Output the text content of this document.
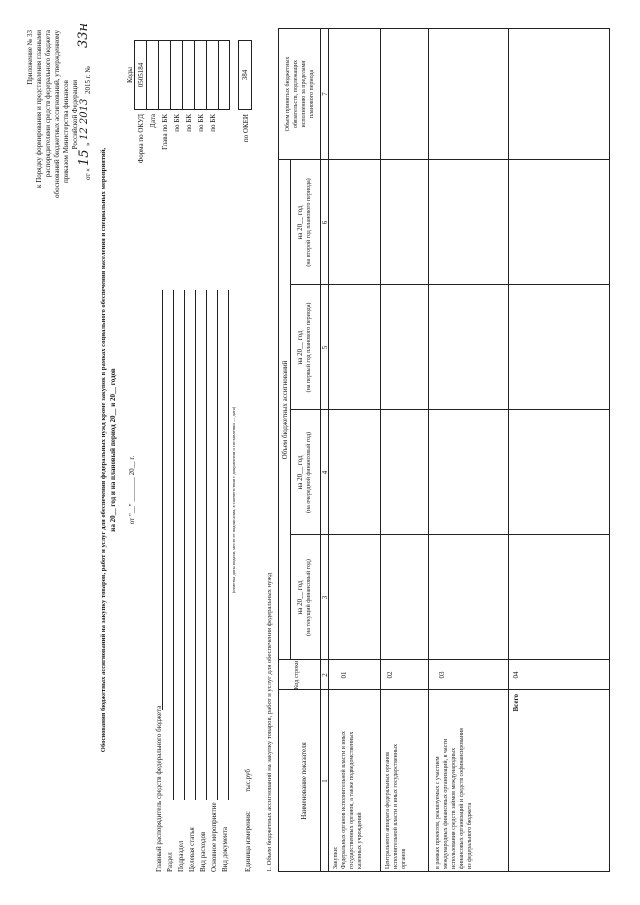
Приложение № 33 к Порядку формирования и представления главными распорядителями средств федерального бюджета обоснований бюджетных ассигнований, утвержденному приказом Министерства финансов Российской Федерации
от «
15
»
12 2013
2015 г. №
33н
Обоснования бюджетных ассигнований на закупку товаров, работ и услуг для обеспечения федеральных нужд кроме закупок в рамках социального обеспечения населения и специальных мероприятий, на 20__ год и на плановый период 20__ и 20__ годов от "__" _______ 20__ г.
Коды 0505184
Форма по ОКУД Дата Глава по БК по БК по БК по БК по БК
Главный распорядитель средств федерального бюджета Раздел Подраздел Целевая статья Вид расходов Основное мероприятие Вид документа
(отметка даты подачи, место ее подписания, в соответствии с документом о составлении — дата)
Единица измерения:
тыс.руб
по ОКЕИ
384
1. Объем бюджетных ассигнований на закупку товаров, работ и услуг для обеспечения федеральных нужд	Наименование показателя
Код строки
Объем бюджетных ассигнований
на 20__ год (на текущий финансовый год)
на 20__ год (на очередной финансовый год)
на 20__ год (на первый год планового периода)
на 20__ год (на второй год планового периода)
Объем принятых бюджетных обязательств, подлежащих исполнению за пределами планового периода
1
2
3
4
5
6
7
Закупки: Федеральных органов исполнительной власти и иных государственных органов, а также подведомственных казенных учреждений
01
Центрального аппарата федеральных органов исполнительной власти и иных государственных органов
02
в рамках проектов, реализуемых с участием международных финансовых организаций, в части использования средств займов международных финансовых организаций и средств софинансирования из федерального бюджета
03
Всего
04
